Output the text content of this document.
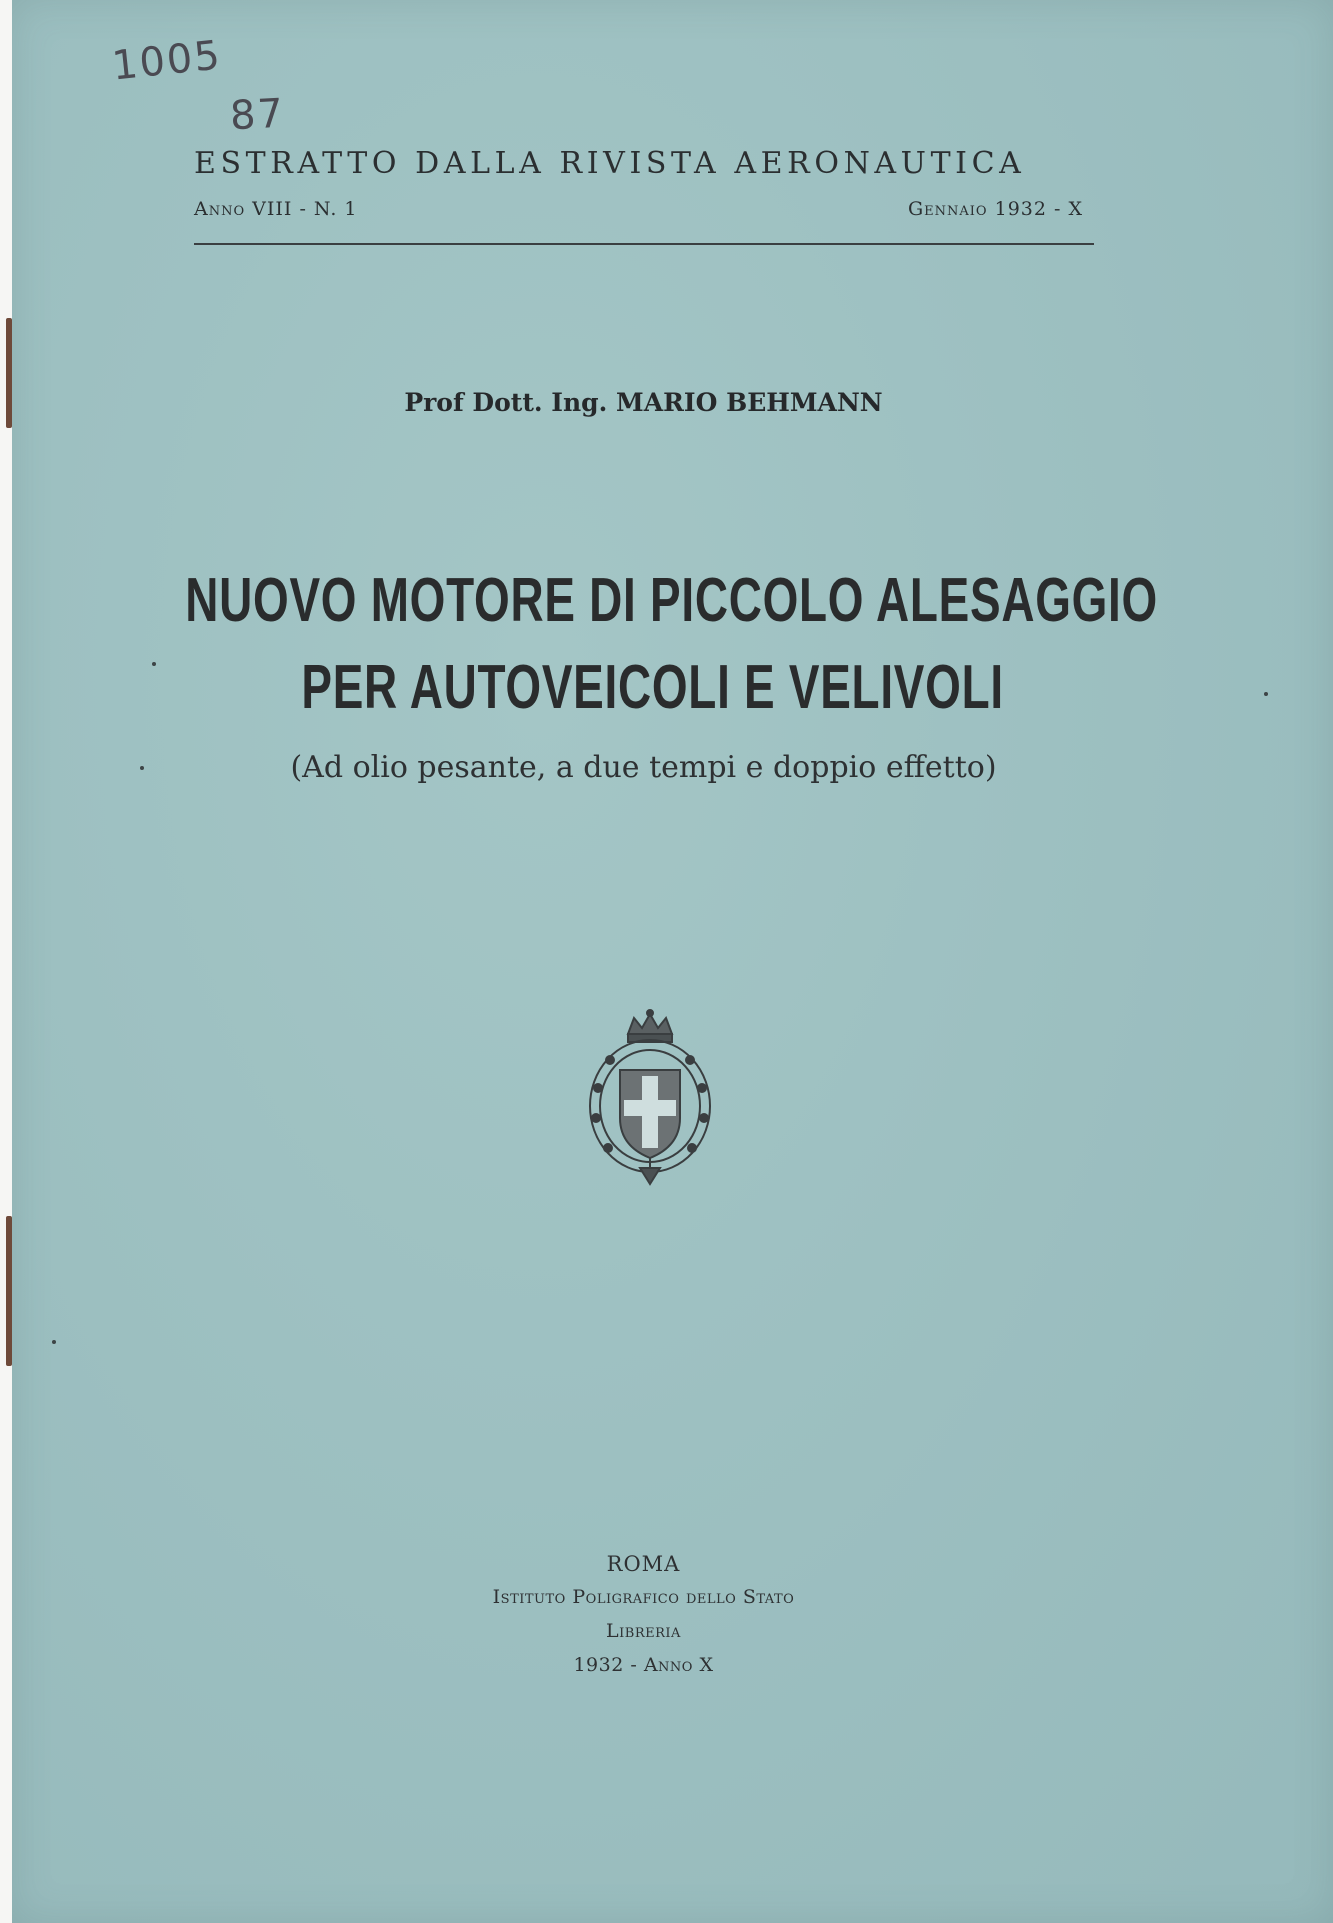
1005
87
ESTRATTO DALLA RIVISTA AERONAUTICA
Anno VIII - N. 1	Gennaio 1932 - X
Prof Dott. Ing. MARIO BEHMANN
NUOVO MOTORE DI PICCOLO ALESAGGIO
PER AUTOVEICOLI E VELIVOLI
(Ad olio pesante, a due tempi e doppio effetto)
ROMA
Istituto Poligrafico dello Stato
Libreria
1932 - Anno X
